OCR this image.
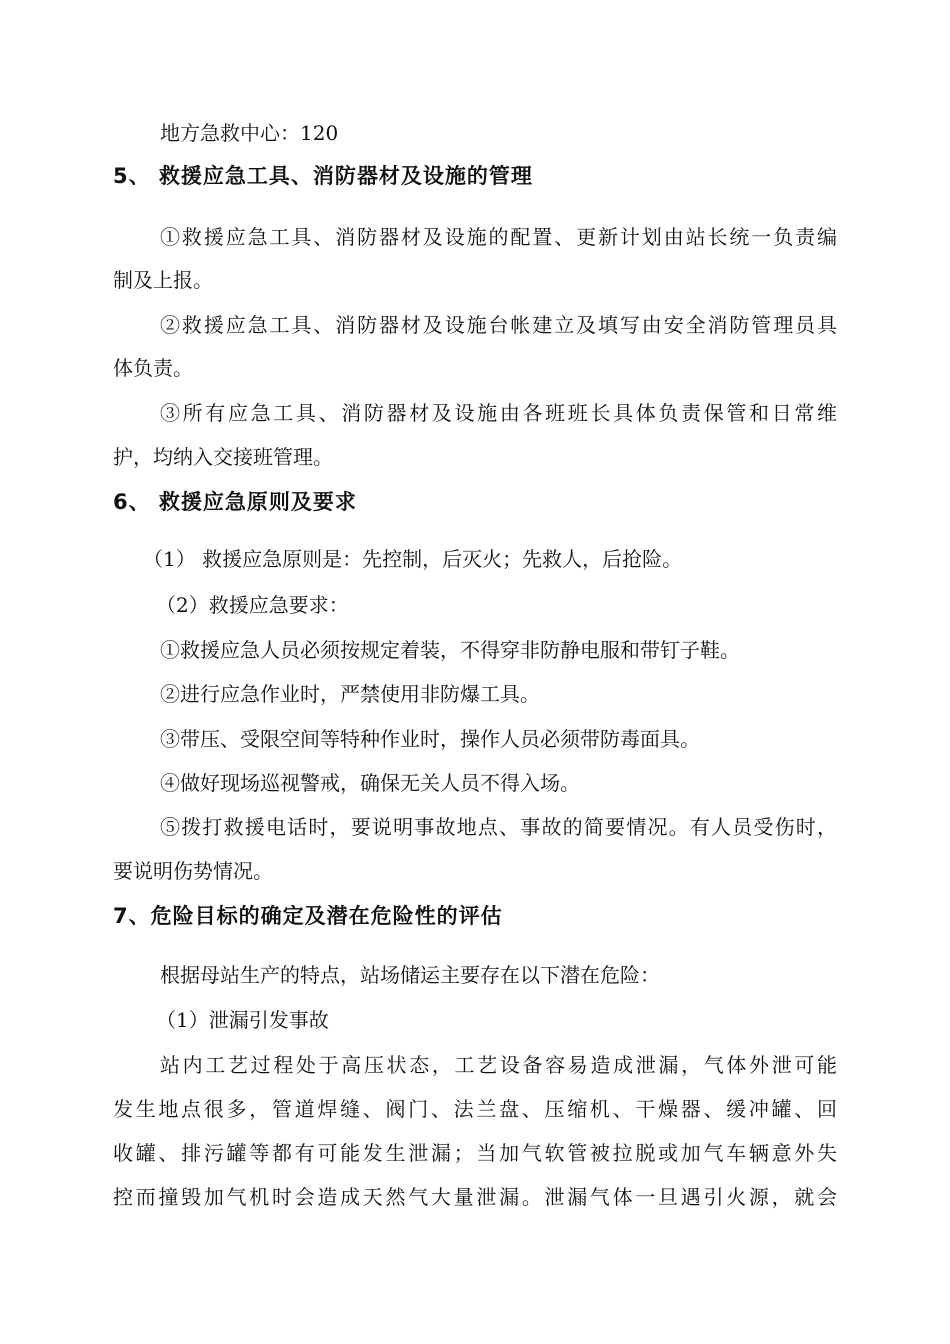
地方急救中心：120
5、 救援应急工具、消防器材及设施的管理
①救援应急工具、消防器材及设施的配置、更新计划由站长统一负责编
制及上报。
②救援应急工具、消防器材及设施台帐建立及填写由安全消防管理员具
体负责。
③所有应急工具、消防器材及设施由各班班长具体负责保管和日常维
护，均纳入交接班管理。
6、 救援应急原则及要求
（1） 救援应急原则是：先控制，后灭火；先救人，后抢险。
（2）救援应急要求：
①救援应急人员必须按规定着装，不得穿非防静电服和带钉子鞋。
②进行应急作业时，严禁使用非防爆工具。
③带压、受限空间等特种作业时，操作人员必须带防毒面具。
④做好现场巡视警戒，确保无关人员不得入场。
⑤拨打救援电话时，要说明事故地点、事故的简要情况。有人员受伤时，
要说明伤势情况。
7、危险目标的确定及潜在危险性的评估
根据母站生产的特点，站场储运主要存在以下潜在危险：
（1）泄漏引发事故
站内工艺过程处于高压状态，工艺设备容易造成泄漏，气体外泄可能
发生地点很多，管道焊缝、阀门、法兰盘、压缩机、干燥器、缓冲罐、回
收罐、排污罐等都有可能发生泄漏；当加气软管被拉脱或加气车辆意外失
控而撞毁加气机时会造成天然气大量泄漏。泄漏气体一旦遇引火源，就会
